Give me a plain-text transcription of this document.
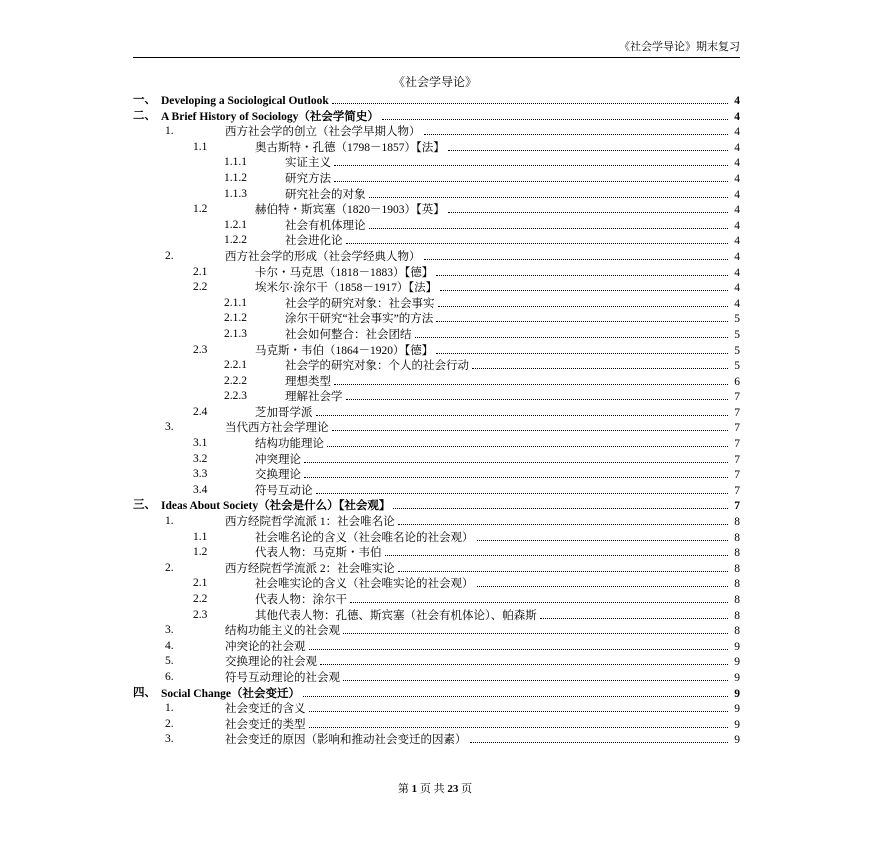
《社会学导论》期末复习
《社会学导论》
一、 Developing a Sociological Outlook	4
二、 A Brief History of Sociology（社会学简史）	4
1.	西方社会学的创立（社会学早期人物）	4
1.1	奥古斯特・孔德（1798－1857）【法】	4
1.1.1	实证主义	4
1.1.2	研究方法	4
1.1.3	研究社会的对象	4
1.2	赫伯特・斯宾塞（1820－1903）【英】	4
1.2.1	社会有机体理论	4
1.2.2	社会进化论	4
2.	西方社会学的形成（社会学经典人物）	4
2.1	卡尔・马克思（1818－1883）【德】	4
2.2	埃米尔·涂尔干（1858－1917）【法】	4
2.1.1	社会学的研究对象：社会事实	4
2.1.2	涂尔干研究“社会事实”的方法	5
2.1.3	社会如何整合：社会团结	5
2.3	马克斯・韦伯（1864－1920）【德】	5
2.2.1	社会学的研究对象：个人的社会行动	5
2.2.2	理想类型	6
2.2.3	理解社会学	7
2.4	芝加哥学派	7
3.	当代西方社会学理论	7
3.1	结构功能理论	7
3.2	冲突理论	7
3.3	交换理论	7
3.4	符号互动论	7
三、 Ideas About Society（社会是什么）【社会观】	7
1.	西方经院哲学流派 1：社会唯名论	8
1.1	社会唯名论的含义（社会唯名论的社会观）	8
1.2	代表人物：马克斯・韦伯	8
2.	西方经院哲学流派 2：社会唯实论	8
2.1	社会唯实论的含义（社会唯实论的社会观）	8
2.2	代表人物：涂尔干	8
2.3	其他代表人物：孔德、斯宾塞（社会有机体论）、帕森斯	8
3.	结构功能主义的社会观	8
4.	冲突论的社会观	9
5.	交换理论的社会观	9
6.	符号互动理论的社会观	9
四、 Social Change（社会变迁）	9
1.	社会变迁的含义	9
2.	社会变迁的类型	9
3.	社会变迁的原因（影响和推动社会变迁的因素）	9
第 1 页 共 23 页
